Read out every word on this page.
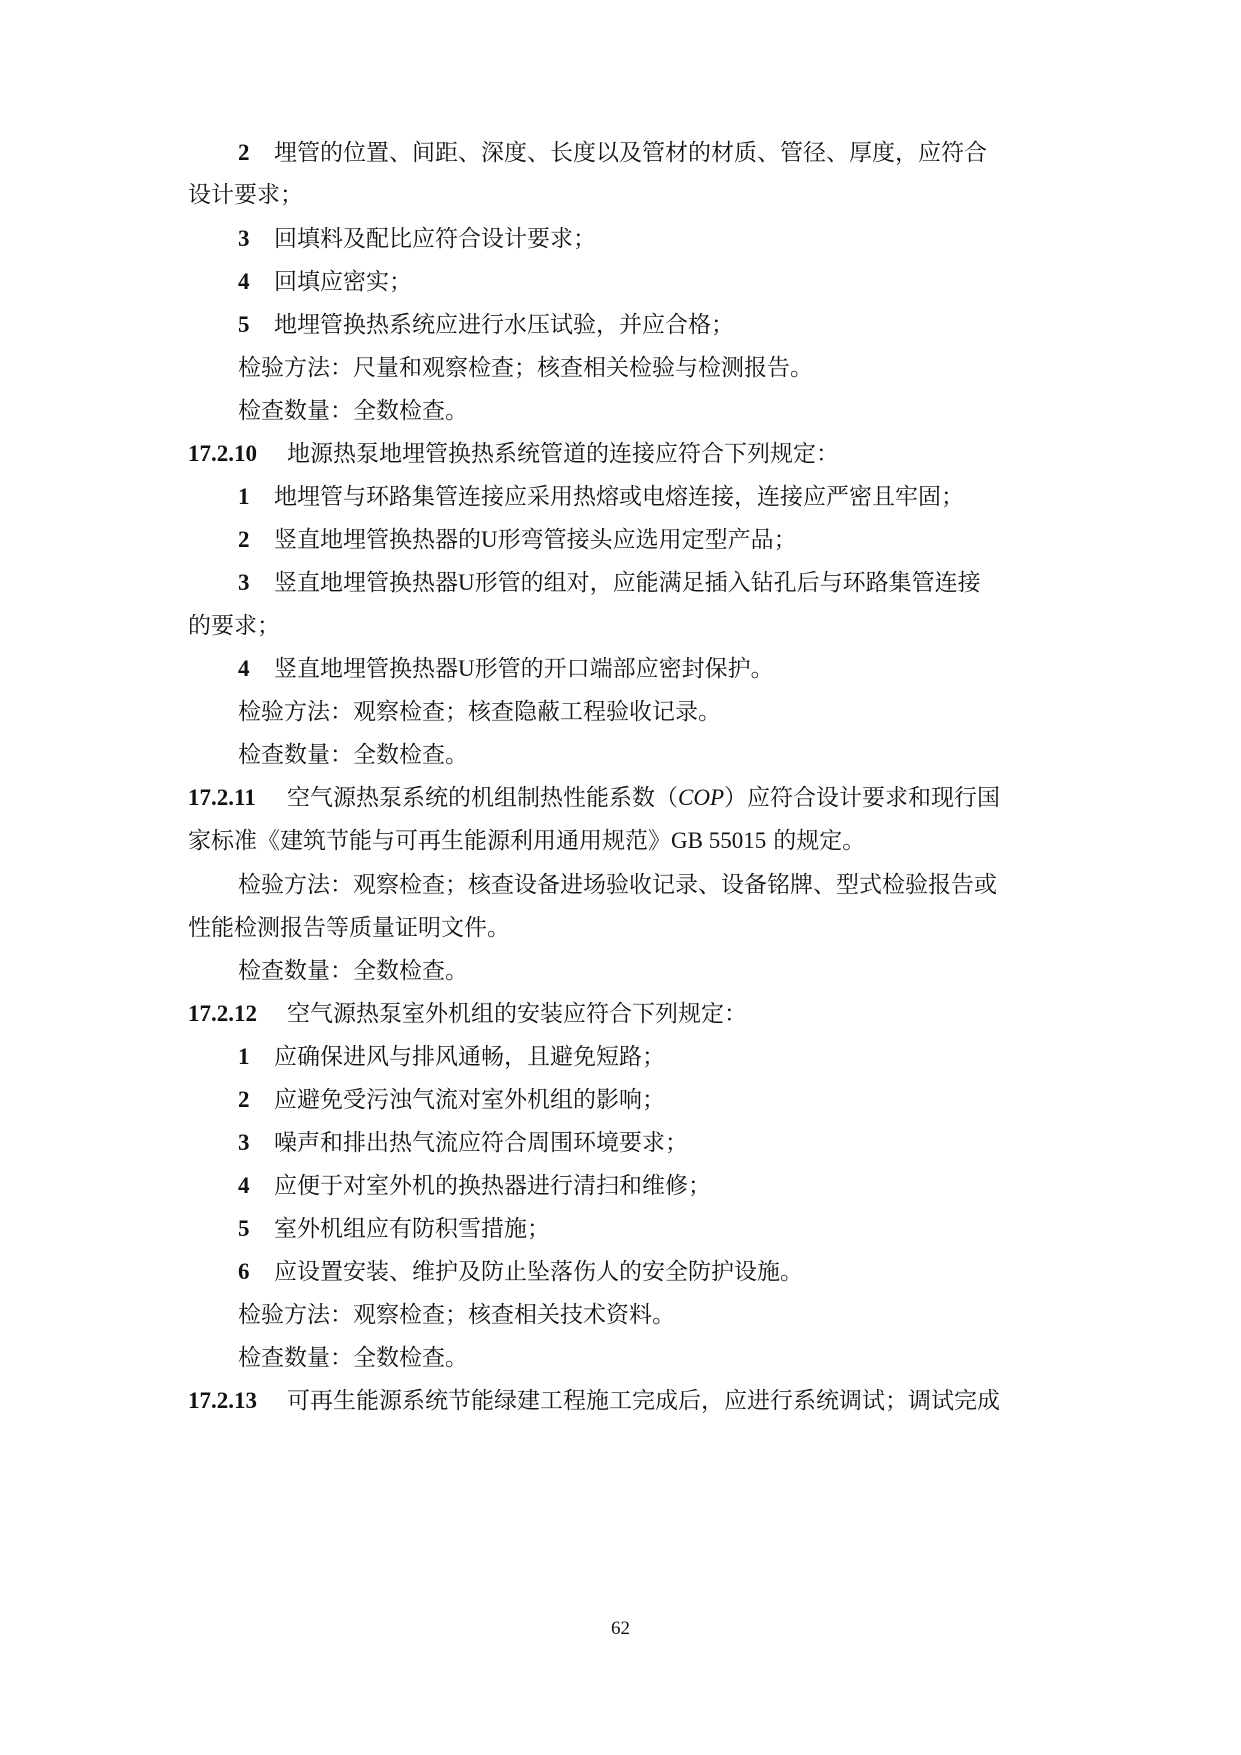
2 埋管的位置、间距、深度、长度以及管材的材质、管径、厚度，应符合
设计要求；
3 回填料及配比应符合设计要求；
4 回填应密实；
5 地埋管换热系统应进行水压试验，并应合格；
检验方法：尺量和观察检查；核查相关检验与检测报告。
检查数量：全数检查。
17.2.10 地源热泵地埋管换热系统管道的连接应符合下列规定：
1 地埋管与环路集管连接应采用热熔或电熔连接，连接应严密且牢固；
2 竖直地埋管换热器的U形弯管接头应选用定型产品；
3 竖直地埋管换热器U形管的组对，应能满足插入钻孔后与环路集管连接
的要求；
4 竖直地埋管换热器U形管的开口端部应密封保护。
检验方法：观察检查；核查隐蔽工程验收记录。
检查数量：全数检查。
17.2.11 空气源热泵系统的机组制热性能系数（COP）应符合设计要求和现行国
家标准《建筑节能与可再生能源利用通用规范》GB 55015 的规定。
检验方法：观察检查；核查设备进场验收记录、设备铭牌、型式检验报告或
性能检测报告等质量证明文件。
检查数量：全数检查。
17.2.12 空气源热泵室外机组的安装应符合下列规定：
1 应确保进风与排风通畅，且避免短路；
2 应避免受污浊气流对室外机组的影响；
3 噪声和排出热气流应符合周围环境要求；
4 应便于对室外机的换热器进行清扫和维修；
5 室外机组应有防积雪措施；
6 应设置安装、维护及防止坠落伤人的安全防护设施。
检验方法：观察检查；核查相关技术资料。
检查数量：全数检查。
17.2.13 可再生能源系统节能绿建工程施工完成后，应进行系统调试；调试完成
62
